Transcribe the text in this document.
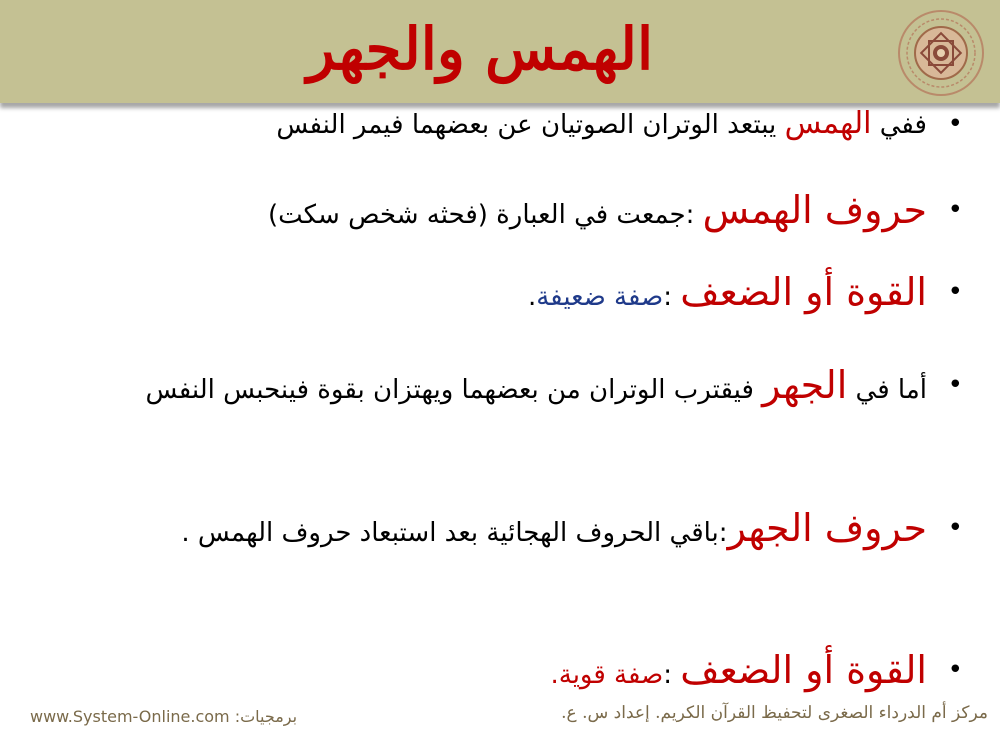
الهمس والجهر
• ففي الهمس يبتعد الوتران الصوتيان عن بعضهما فيمر النفس
• حروف الهمس :جمعت في العبارة (فحثه شخص سكت)
• القوة أو الضعف :صفة ضعيفة.
• أما في الجهر فيقترب الوتران من بعضهما ويهتزان بقوة فينحبس النفس
• حروف الجهر:باقي الحروف الهجائية بعد استبعاد حروف الهمس .
• القوة أو الضعف :صفة قوية.
www.System-Online.com :برمجيات	مركز أم الدرداء الصغرى لتحفيظ القرآن الكريم. إعداد س. ع.
